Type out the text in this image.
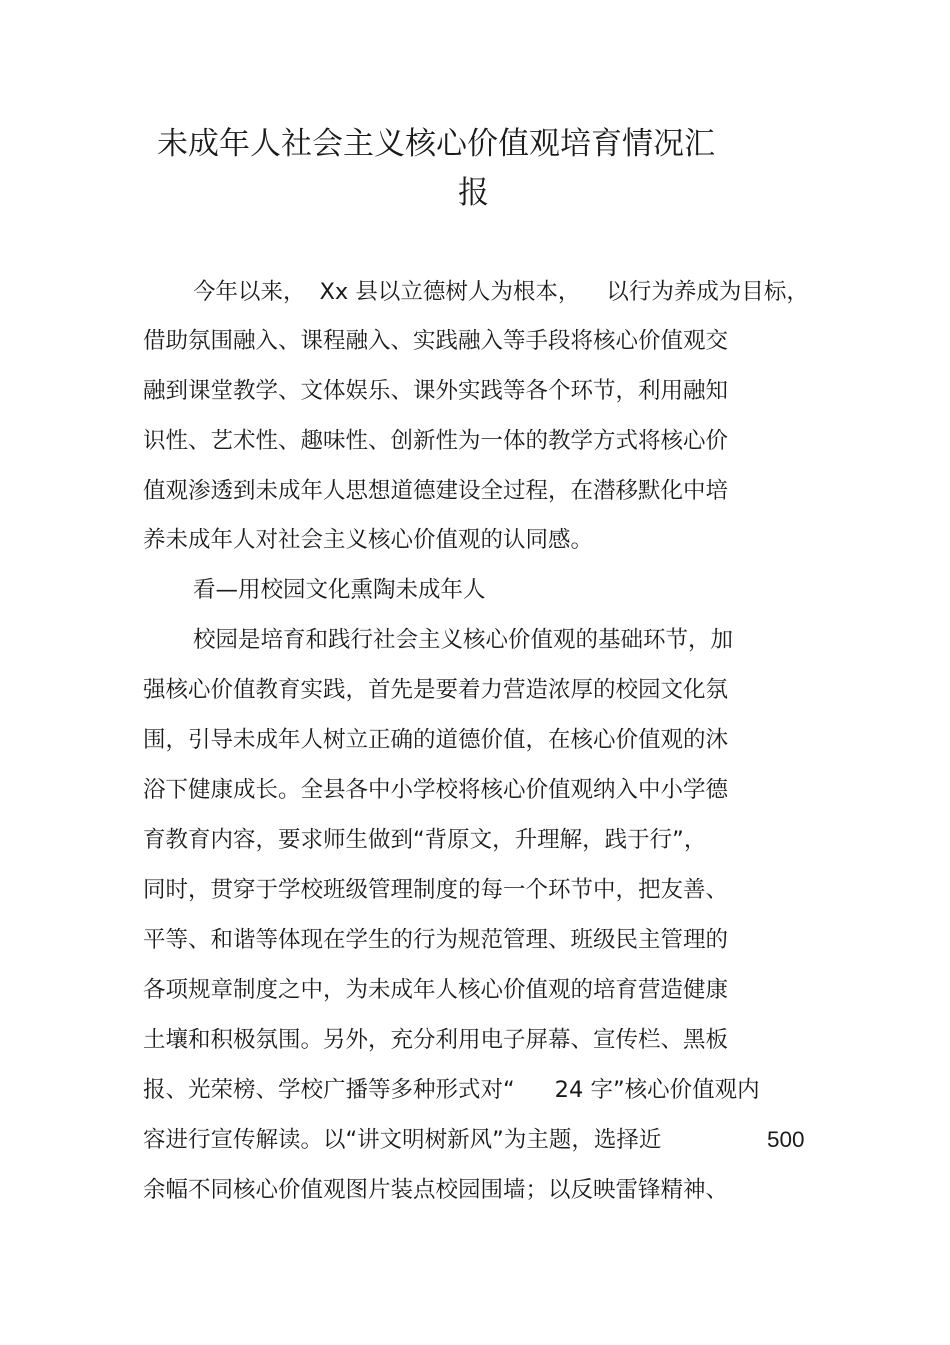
未成年人社会主义核心价值观培育情况汇
报
今年以来， Xx 县以立德树人为根本， 以行为养成为目标，
借助氛围融入、课程融入、实践融入等手段将核心价值观交
融到课堂教学、文体娱乐、课外实践等各个环节，利用融知
识性、艺术性、趣味性、创新性为一体的教学方式将核心价
值观渗透到未成年人思想道德建设全过程，在潜移默化中培
养未成年人对社会主义核心价值观的认同感。
看—用校园文化熏陶未成年人
校园是培育和践行社会主义核心价值观的基础环节，加
强核心价值教育实践，首先是要着力营造浓厚的校园文化氛
围，引导未成年人树立正确的道德价值，在核心价值观的沐
浴下健康成长。全县各中小学校将核心价值观纳入中小学德
育教育内容，要求师生做到“背原文，升理解，践于行”，
同时，贯穿于学校班级管理制度的每一个环节中，把友善、
平等、和谐等体现在学生的行为规范管理、班级民主管理的
各项规章制度之中，为未成年人核心价值观的培育营造健康
土壤和积极氛围。另外，充分利用电子屏幕、宣传栏、黑板
报、光荣榜、学校广播等多种形式对“ 24 字”核心价值观内
容进行宣传解读。以“讲文明树新风”为主题，选择近	500
余幅不同核心价值观图片装点校园围墙；以反映雷锋精神、
